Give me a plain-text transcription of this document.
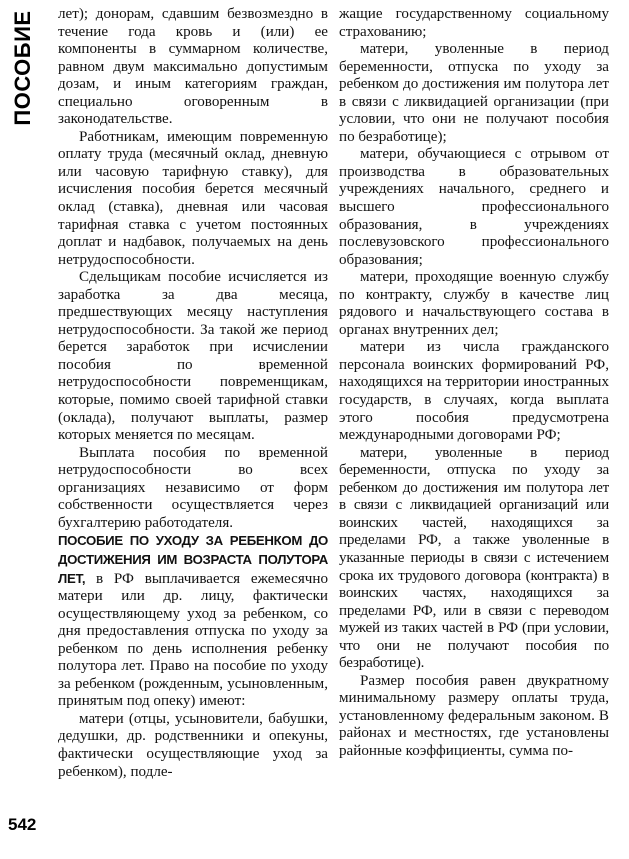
ПОСОБИЕ
542

лет); донорам, сдавшим безвозмездно в течение года кровь и (или) ее компоненты в суммарном количестве, равном двум максимально допустимым дозам, и иным категориям граждан, специально оговоренным в законодательстве.

Работникам, имеющим повременную оплату труда (месячный оклад, дневную или часовую тарифную ставку), для исчисления пособия берется месячный оклад (ставка), дневная или часовая тарифная ставка с учетом постоянных доплат и надбавок, получаемых на день нетрудоспособности.

Сдельщикам пособие исчисляется из заработка за два месяца, предшествующих месяцу наступления нетрудоспособности. За такой же период берется заработок при исчислении пособия по временной нетрудоспособности повременщикам, которые, помимо своей тарифной ставки (оклада), получают выплаты, размер которых меняется по месяцам.

Выплата пособия по временной нетрудоспособности во всех организациях независимо от форм собственности осуществляется через бухгалтерию работодателя.

ПОСОБИЕ ПО УХОДУ ЗА РЕБЕНКОМ ДО ДОСТИЖЕНИЯ ИМ ВОЗРАСТА ПОЛУТОРА ЛЕТ, в РФ выплачивается ежемесячно матери или др. лицу, фактически осуществляющему уход за ребенком, со дня предоставления отпуска по уходу за ребенком по день исполнения ребенку полутора лет. Право на пособие по уходу за ребенком (рожденным, усыновленным, принятым под опеку) имеют:

матери (отцы, усыновители, бабушки, дедушки, др. родственники и опекуны, фактически осуществляющие уход за ребенком), подле-

жащие государственному социальному страхованию;

матери, уволенные в период беременности, отпуска по уходу за ребенком до достижения им полутора лет в связи с ликвидацией организации (при условии, что они не получают пособия по безработице);

матери, обучающиеся с отрывом от производства в образовательных учреждениях начального, среднего и высшего профессионального образования, в учреждениях послевузовского профессионального образования;

матери, проходящие военную службу по контракту, службу в качестве лиц рядового и начальствующего состава в органах внутренних дел;

матери из числа гражданского персонала воинских формирований РФ, находящихся на территории иностранных государств, в случаях, когда выплата этого пособия предусмотрена международными договорами РФ;

матери, уволенные в период беременности, отпуска по уходу за ребенком до достижения им полутора лет в связи с ликвидацией организаций или воинских частей, находящихся за пределами РФ, а также уволенные в указанные периоды в связи с истечением срока их трудового договора (контракта) в воинских частях, находящихся за пределами РФ, или в связи с переводом мужей из таких частей в РФ (при условии, что они не получают пособия по безработице).

Размер пособия равен двукратному минимальному размеру оплаты труда, установленному федеральным законом. В районах и местностях, где установлены районные коэффициенты, сумма по-
